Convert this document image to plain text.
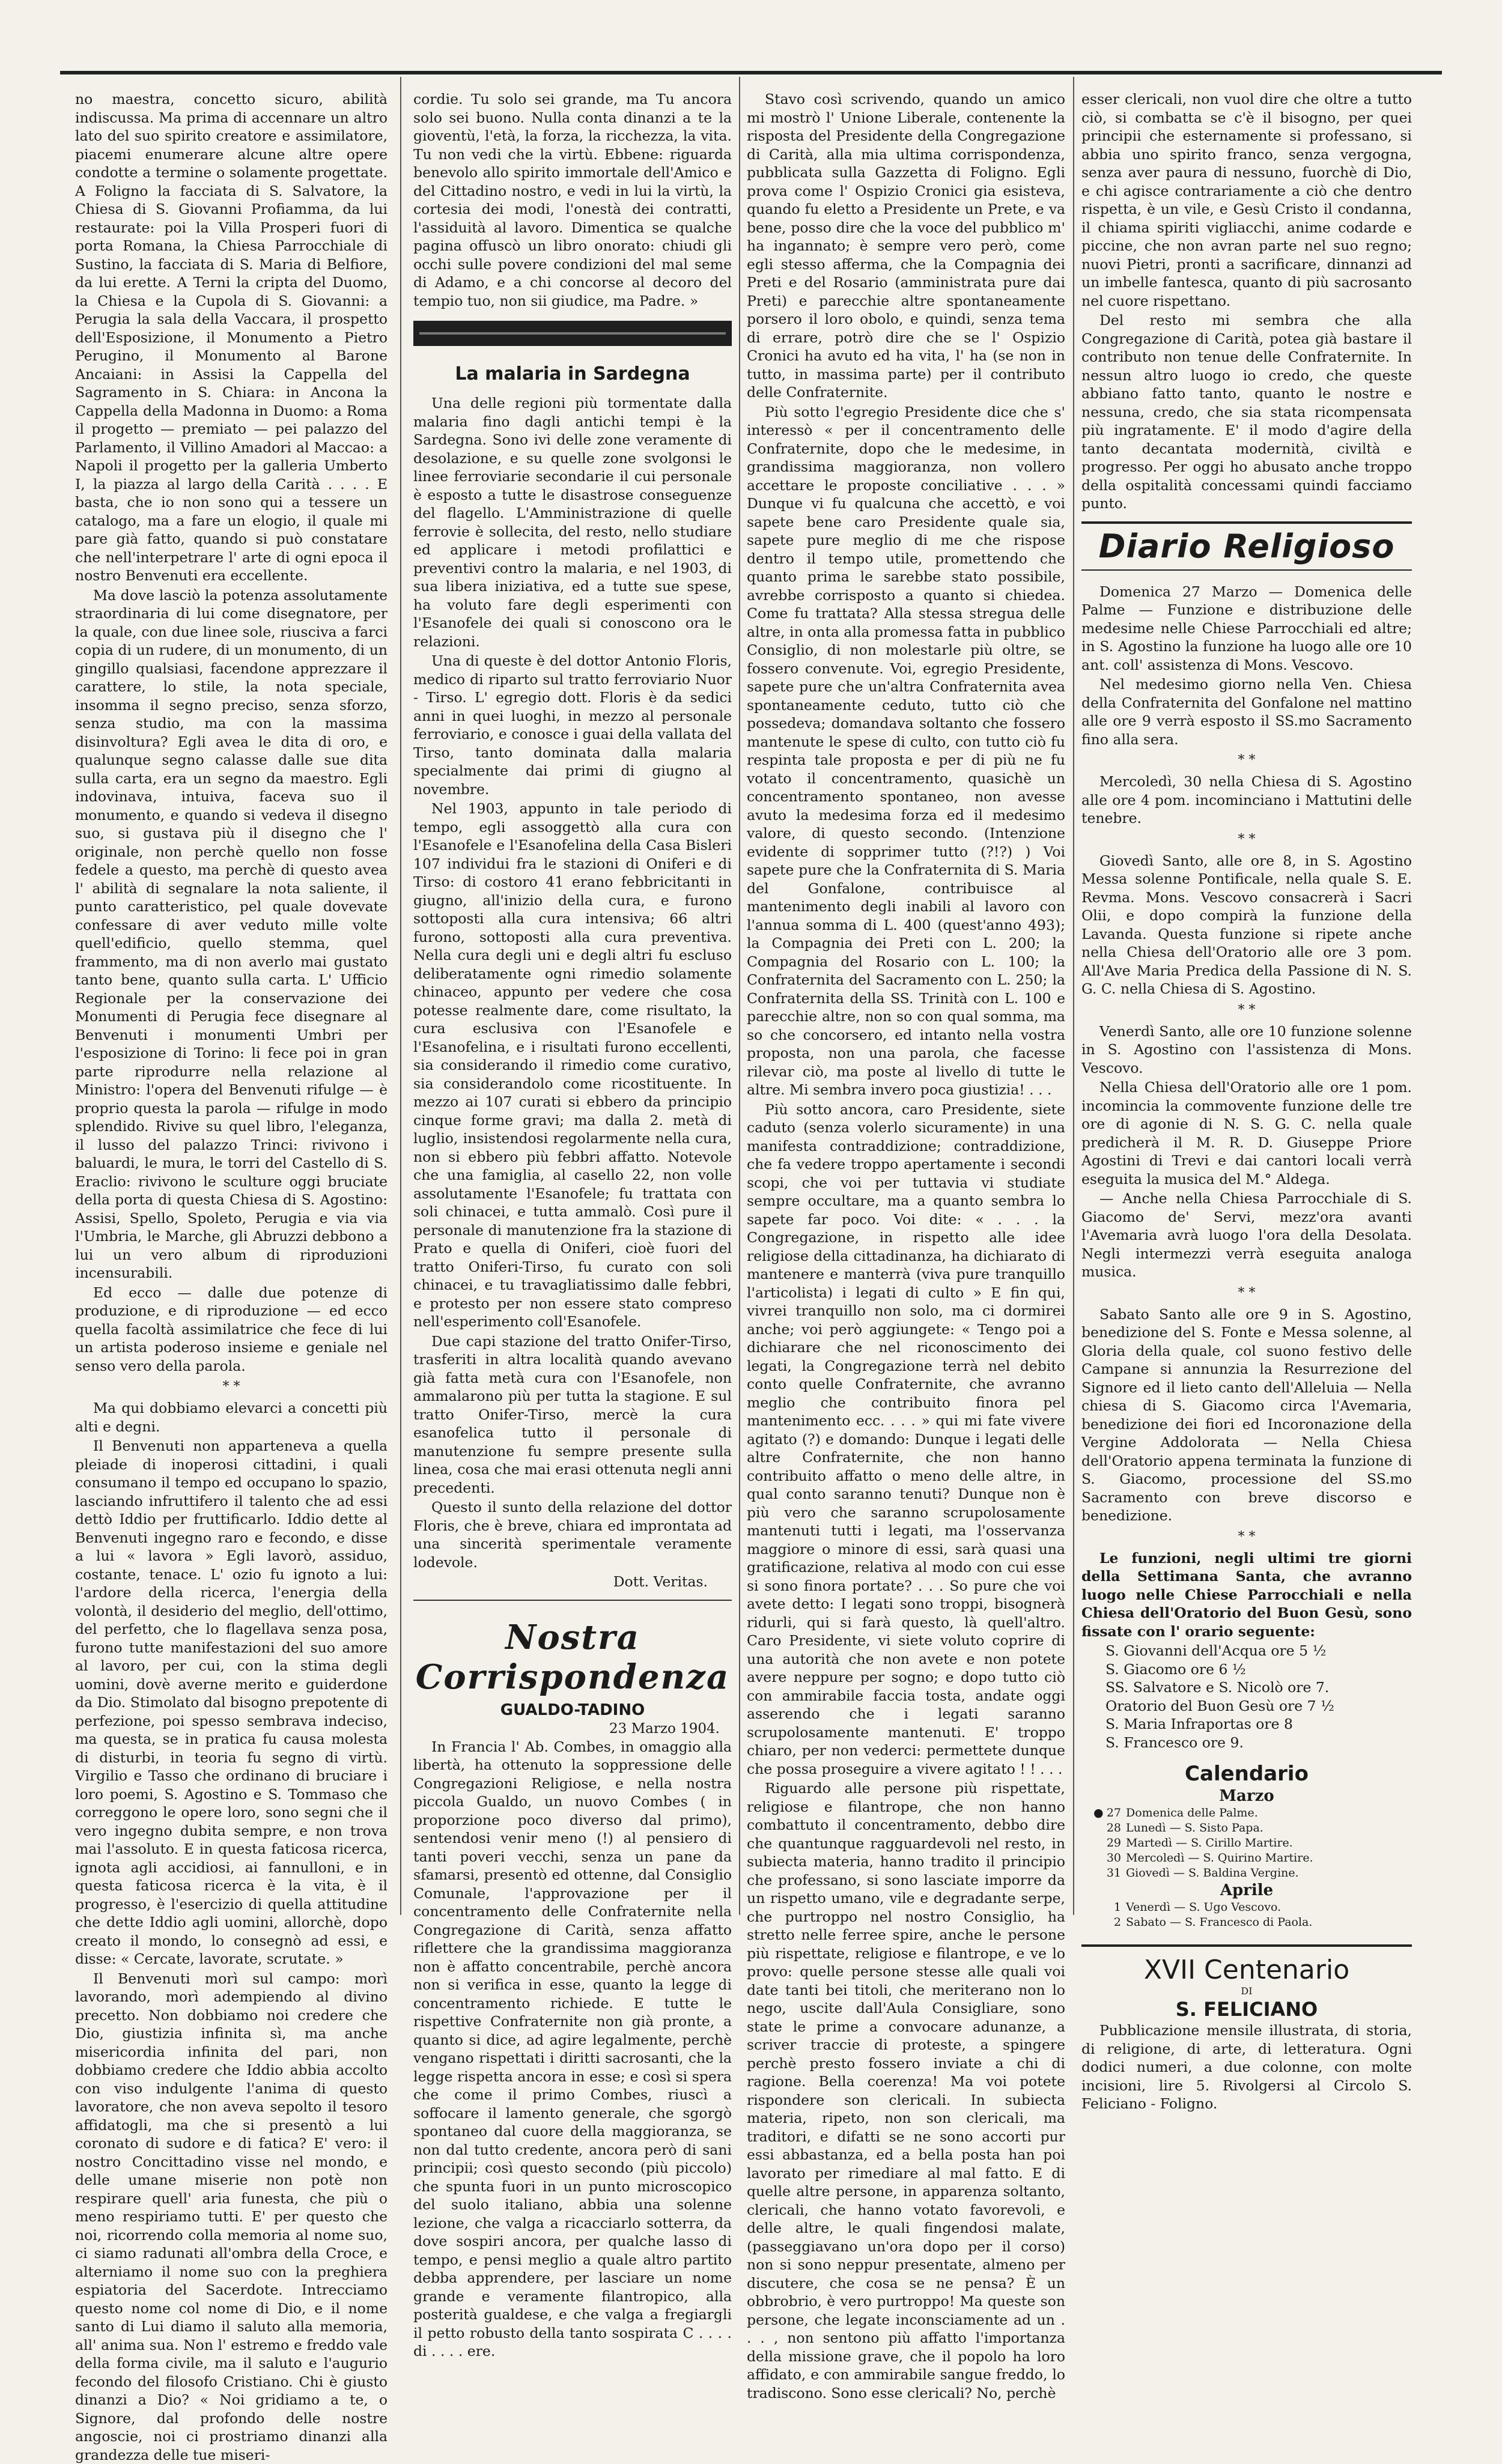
no maestra, concetto sicuro, abilità indiscussa. Ma prima di accennare un altro lato del suo spirito creatore e assimilatore, piacemi enumerare alcune altre opere condotte a termine o solamente progettate. A Foligno la facciata di S. Salvatore, la Chiesa di S. Giovanni Profiamma, da lui restaurate: poi la Villa Prosperi fuori di porta Romana, la Chiesa Parrocchiale di Sustino, la facciata di S. Maria di Belfiore, da lui erette. A Terni la cripta del Duomo, la Chiesa e la Cupola di S. Giovanni: a Perugia la sala della Vaccara, il prospetto dell'Esposizione, il Monumento a Pietro Perugino, il Monumento al Barone Ancaiani: in Assisi la Cappella del Sagramento in S. Chiara: in Ancona la Cappella della Madonna in Duomo: a Roma il progetto — premiato — pei palazzo del Parlamento, il Villino Amadori al Maccao: a Napoli il progetto per la galleria Umberto I, la piazza al largo della Carità . . . . E basta, che io non sono qui a tessere un catalogo, ma a fare un elogio, il quale mi pare già fatto, quando si può constatare che nell'interpetrare l' arte di ogni epoca il nostro Benvenuti era eccellente.

Ma dove lasciò la potenza assolutamente straordinaria di lui come disegnatore, per la quale, con due linee sole, riusciva a farci copia di un rudere, di un monumento, di un gingillo qualsiasi, facendone apprezzare il carattere, lo stile, la nota speciale, insomma il segno preciso, senza sforzo, senza studio, ma con la massima disinvoltura? Egli avea le dita di oro, e qualunque segno calasse dalle sue dita sulla carta, era un segno da maestro. Egli indovinava, intuiva, faceva suo il monumento, e quando si vedeva il disegno suo, si gustava più il disegno che l' originale, non perchè quello non fosse fedele a questo, ma perchè di questo avea l' abilità di segnalare la nota saliente, il punto caratteristico, pel quale dovevate confessare di aver veduto mille volte quell'edificio, quello stemma, quel frammento, ma di non averlo mai gustato tanto bene, quanto sulla carta. L' Ufficio Regionale per la conservazione dei Monumenti di Perugia fece disegnare al Benvenuti i monumenti Umbri per l'esposizione di Torino: li fece poi in gran parte riprodurre nella relazione al Ministro: l'opera del Benvenuti rifulge — è proprio questa la parola — rifulge in modo splendido. Rivive su quel libro, l'eleganza, il lusso del palazzo Trinci: rivivono i baluardi, le mura, le torri del Castello di S. Eraclio: rivivono le sculture oggi bruciate della porta di questa Chiesa di S. Agostino: Assisi, Spello, Spoleto, Perugia e via via l'Umbria, le Marche, gli Abruzzi debbono a lui un vero album di riproduzioni incensurabili.

Ed ecco — dalle due potenze di produzione, e di riproduzione — ed ecco quella facoltà assimilatrice che fece di lui un artista poderoso insieme e geniale nel senso vero della parola.

* *

Ma qui dobbiamo elevarci a concetti più alti e degni.

Il Benvenuti non apparteneva a quella pleiade di inoperosi cittadini, i quali consumano il tempo ed occupano lo spazio, lasciando infruttifero il talento che ad essi dettò Iddio per fruttificarlo. Iddio dette al Benvenuti ingegno raro e fecondo, e disse a lui « lavora » Egli lavorò, assiduo, costante, tenace. L' ozio fu ignoto a lui: l'ardore della ricerca, l'energia della volontà, il desiderio del meglio, dell'ottimo, del perfetto, che lo flagellava senza posa, furono tutte manifestazioni del suo amore al lavoro, per cui, con la stima degli uomini, dovè averne merito e guiderdone da Dio. Stimolato dal bisogno prepotente di perfezione, poi spesso sembrava indeciso, ma questa, se in pratica fu causa molesta di disturbi, in teoria fu segno di virtù. Virgilio e Tasso che ordinano di bruciare i loro poemi, S. Agostino e S. Tommaso che correggono le opere loro, sono segni che il vero ingegno dubita sempre, e non trova mai l'assoluto. E in questa faticosa ricerca, ignota agli accidiosi, ai fannulloni, e in questa faticosa ricerca è la vita, è il progresso, è l'esercizio di quella attitudine che dette Iddio agli uomini, allorchè, dopo creato il mondo, lo consegnò ad essi, e disse: « Cercate, lavorate, scrutate. »

Il Benvenuti morì sul campo: morì lavorando, morì adempiendo al divino precetto. Non dobbiamo noi credere che Dio, giustizia infinita sì, ma anche misericordia infinita del pari, non dobbiamo credere che Iddio abbia accolto con viso indulgente l'anima di questo lavoratore, che non aveva sepolto il tesoro affidatogli, ma che si presentò a lui coronato di sudore e di fatica? E' vero: il nostro Concittadino visse nel mondo, e delle umane miserie non potè non respirare quell' aria funesta, che più o meno respiriamo tutti. E' per questo che noi, ricorrendo colla memoria al nome suo, ci siamo radunati all'ombra della Croce, e alterniamo il nome suo con la preghiera espiatoria del Sacerdote. Intrecciamo questo nome col nome di Dio, e il nome santo di Lui diamo il saluto alla memoria, all' anima sua. Non l' estremo e freddo vale della forma civile, ma il saluto e l'augurio fecondo del filosofo Cristiano. Chi è giusto dinanzi a Dio? « Noi gridiamo a te, o Signore, dal profondo delle nostre angoscie, noi ci prostriamo dinanzi alla grandezza delle tue miseri-

cordie. Tu solo sei grande, ma Tu ancora solo sei buono. Nulla conta dinanzi a te la gioventù, l'età, la forza, la ricchezza, la vita. Tu non vedi che la virtù. Ebbene: riguarda benevolo allo spirito immortale dell'Amico e del Cittadino nostro, e vedi in lui la virtù, la cortesia dei modi, l'onestà dei contratti, l'assiduità al lavoro. Dimentica se qualche pagina offuscò un libro onorato: chiudi gli occhi sulle povere condizioni del mal seme di Adamo, e a chi concorse al decoro del tempio tuo, non sii giudice, ma Padre. »

La malaria in Sardegna

Una delle regioni più tormentate dalla malaria fino dagli antichi tempi è la Sardegna. Sono ivi delle zone veramente di desolazione, e su quelle zone svolgonsi le linee ferroviarie secondarie il cui personale è esposto a tutte le disastrose conseguenze del flagello. L'Amministrazione di quelle ferrovie è sollecita, del resto, nello studiare ed applicare i metodi profilattici e preventivi contro la malaria, e nel 1903, di sua libera iniziativa, ed a tutte sue spese, ha voluto fare degli esperimenti con l'Esanofele dei quali si conoscono ora le relazioni.

Una di queste è del dottor Antonio Floris, medico di riparto sul tratto ferroviario Nuor - Tirso. L' egregio dott. Floris è da sedici anni in quei luoghi, in mezzo al personale ferroviario, e conosce i guai della vallata del Tirso, tanto dominata dalla malaria specialmente dai primi di giugno al novembre.

Nel 1903, appunto in tale periodo di tempo, egli assoggettò alla cura con l'Esanofele e l'Esanofelina della Casa Bisleri 107 individui fra le stazioni di Oniferi e di Tirso: di costoro 41 erano febbricitanti in giugno, all'inizio della cura, e furono sottoposti alla cura intensiva; 66 altri furono, sottoposti alla cura preventiva. Nella cura degli uni e degli altri fu escluso deliberatamente ogni rimedio solamente chinaceo, appunto per vedere che cosa potesse realmente dare, come risultato, la cura esclusiva con l'Esanofele e l'Esanofelina, e i risultati furono eccellenti, sia considerando il rimedio come curativo, sia considerandolo come ricostituente. In mezzo ai 107 curati si ebbero da principio cinque forme gravi; ma dalla 2. metà di luglio, insistendosi regolarmente nella cura, non si ebbero più febbri affatto. Notevole che una famiglia, al casello 22, non volle assolutamente l'Esanofele; fu trattata con soli chinacei, e tutta ammalò. Così pure il personale di manutenzione fra la stazione di Prato e quella di Oniferi, cioè fuori del tratto Oniferi-Tirso, fu curato con soli chinacei, e tu travagliatissimo dalle febbri, e protesto per non essere stato compreso nell'esperimento coll'Esanofele.

Due capi stazione del tratto Onifer-Tirso, trasferiti in altra località quando avevano già fatta metà cura con l'Esanofele, non ammalarono più per tutta la stagione. E sul tratto Onifer-Tirso, mercè la cura esanofelica tutto il personale di manutenzione fu sempre presente sulla linea, cosa che mai erasi ottenuta negli anni precedenti.

Questo il sunto della relazione del dottor Floris, che è breve, chiara ed improntata ad una sincerità sperimentale veramente lodevole.

Dott. Veritas.
Nostra Corrispondenza
GUALDO-TADINO
23 Marzo 1904.

In Francia l' Ab. Combes, in omaggio alla libertà, ha ottenuto la soppressione delle Congregazioni Religiose, e nella nostra piccola Gualdo, un nuovo Combes ( in proporzione poco diverso dal primo), sentendosi venir meno (!) al pensiero di tanti poveri vecchi, senza un pane da sfamarsi, presentò ed ottenne, dal Consiglio Comunale, l'approvazione per il concentramento delle Confraternite nella Congregazione di Carità, senza affatto riflettere che la grandissima maggioranza non è affatto concentrabile, perchè ancora non si verifica in esse, quanto la legge di concentramento richiede. E tutte le rispettive Confraternite non già pronte, a quanto si dice, ad agire legalmente, perchè vengano rispettati i diritti sacrosanti, che la legge rispetta ancora in esse; e così si spera che come il primo Combes, riuscì a soffocare il lamento generale, che sgorgò spontaneo dal cuore della maggioranza, se non dal tutto credente, ancora però di sani principii; così questo secondo (più piccolo) che spunta fuori in un punto microscopico del suolo italiano, abbia una solenne lezione, che valga a ricacciarlo sotterra, da dove sospiri ancora, per qualche lasso di tempo, e pensi meglio a quale altro partito debba apprendere, per lasciare un nome grande e veramente filantropico, alla posterità gualdese, e che valga a fregiargli il petto robusto della tanto sospirata C . . . . di . . . . ere.

Stavo così scrivendo, quando un amico mi mostrò l' Unione Liberale, contenente la risposta del Presidente della Congregazione di Carità, alla mia ultima corrispondenza, pubblicata sulla Gazzetta di Foligno. Egli prova come l' Ospizio Cronici gia esisteva, quando fu eletto a Presidente un Prete, e va bene, posso dire che la voce del pubblico m' ha ingannato; è sempre vero però, come egli stesso afferma, che la Compagnia dei Preti e del Rosario (amministrata pure dai Preti) e parecchie altre spontaneamente porsero il loro obolo, e quindi, senza tema di errare, potrò dire che se l' Ospizio Cronici ha avuto ed ha vita, l' ha (se non in tutto, in massima parte) per il contributo delle Confraternite.

Più sotto l'egregio Presidente dice che s' interessò « per il concentramento delle Confraternite, dopo che le medesime, in grandissima maggioranza, non vollero accettare le proposte conciliative . . . » Dunque vi fu qualcuna che accettò, e voi sapete bene caro Presidente quale sia, sapete pure meglio di me che rispose dentro il tempo utile, promettendo che quanto prima le sarebbe stato possibile, avrebbe corrisposto a quanto si chiedea. Come fu trattata? Alla stessa stregua delle altre, in onta alla promessa fatta in pubblico Consiglio, di non molestarle più oltre, se fossero convenute. Voi, egregio Presidente, sapete pure che un'altra Confraternita avea spontaneamente ceduto, tutto ciò che possedeva; domandava soltanto che fossero mantenute le spese di culto, con tutto ciò fu respinta tale proposta e per di più ne fu votato il concentramento, quasichè un concentramento spontaneo, non avesse avuto la medesima forza ed il medesimo valore, di questo secondo. (Intenzione evidente di sopprimer tutto (?!?) ) Voi sapete pure che la Confraternita di S. Maria del Gonfalone, contribuisce al mantenimento degli inabili al lavoro con l'annua somma di L. 400 (quest'anno 493); la Compagnia dei Preti con L. 200; la Compagnia del Rosario con L. 100; la Confraternita del Sacramento con L. 250; la Confraternita della SS. Trinità con L. 100 e parecchie altre, non so con qual somma, ma so che concorsero, ed intanto nella vostra proposta, non una parola, che facesse rilevar ciò, ma poste al livello di tutte le altre. Mi sembra invero poca giustizia! . . .

Più sotto ancora, caro Presidente, siete caduto (senza volerlo sicuramente) in una manifesta contraddizione; contraddizione, che fa vedere troppo apertamente i secondi scopi, che voi per tuttavia vi studiate sempre occultare, ma a quanto sembra lo sapete far poco. Voi dite: « . . . la Congregazione, in rispetto alle idee religiose della cittadinanza, ha dichiarato di mantenere e manterrà (viva pure tranquillo l'articolista) i legati di culto » E fin qui, vivrei tranquillo non solo, ma ci dormirei anche; voi però aggiungete: « Tengo poi a dichiarare che nel riconoscimento dei legati, la Congregazione terrà nel debito conto quelle Confraternite, che avranno meglio che contribuito finora pel mantenimento ecc. . . . » qui mi fate vivere agitato (?) e domando: Dunque i legati delle altre Confraternite, che non hanno contribuito affatto o meno delle altre, in qual conto saranno tenuti? Dunque non è più vero che saranno scrupolosamente mantenuti tutti i legati, ma l'osservanza maggiore o minore di essi, sarà quasi una gratificazione, relativa al modo con cui esse si sono finora portate? . . . So pure che voi avete detto: I legati sono troppi, bisognerà ridurli, qui si farà questo, là quell'altro. Caro Presidente, vi siete voluto coprire di una autorità che non avete e non potete avere neppure per sogno; e dopo tutto ciò con ammirabile faccia tosta, andate oggi asserendo che i legati saranno scrupolosamente mantenuti. E' troppo chiaro, per non vederci: permettete dunque che possa proseguire a vivere agitato ! ! . . .

Riguardo alle persone più rispettate, religiose e filantrope, che non hanno combattuto il concentramento, debbo dire che quantunque ragguardevoli nel resto, in subiecta materia, hanno tradito il principio che professano, si sono lasciate imporre da un rispetto umano, vile e degradante serpe, che purtroppo nel nostro Consiglio, ha stretto nelle ferree spire, anche le persone più rispettate, religiose e filantrope, e ve lo provo: quelle persone stesse alle quali voi date tanti bei titoli, che meriterano non lo nego, uscite dall'Aula Consigliare, sono state le prime a convocare adunanze, a scriver traccie di proteste, a spingere perchè presto fossero inviate a chi di ragione. Bella coerenza! Ma voi potete rispondere son clericali. In subiecta materia, ripeto, non son clericali, ma traditori, e difatti se ne sono accorti pur essi abbastanza, ed a bella posta han poi lavorato per rimediare al mal fatto. E di quelle altre persone, in apparenza soltanto, clericali, che hanno votato favorevoli, e delle altre, le quali fingendosi malate, (passeggiavano un'ora dopo per il corso) non si sono neppur presentate, almeno per discutere, che cosa se ne pensa? È un obbrobrio, è vero purtroppo! Ma queste son persone, che legate inconsciamente ad un . . . , non sentono più affatto l'importanza della missione grave, che il popolo ha loro affidato, e con ammirabile sangue freddo, lo tradiscono. Sono esse clericali? No, perchè

esser clericali, non vuol dire che oltre a tutto ciò, si combatta se c'è il bisogno, per quei principii che esternamente si professano, si abbia uno spirito franco, senza vergogna, senza aver paura di nessuno, fuorchè di Dio, e chi agisce contrariamente a ciò che dentro rispetta, è un vile, e Gesù Cristo il condanna, il chiama spiriti vigliacchi, anime codarde e piccine, che non avran parte nel suo regno; nuovi Pietri, pronti a sacrificare, dinnanzi ad un imbelle fantesca, quanto di più sacrosanto nel cuore rispettano.

Del resto mi sembra che alla Congregazione di Carità, potea già bastare il contributo non tenue delle Confraternite. In nessun altro luogo io credo, che queste abbiano fatto tanto, quanto le nostre e nessuna, credo, che sia stata ricompensata più ingratamente. E' il modo d'agire della tanto decantata modernità, civiltà e progresso. Per oggi ho abusato anche troppo della ospitalità concessami quindi facciamo punto.

Diario Religioso

Domenica 27 Marzo — Domenica delle Palme — Funzione e distribuzione delle medesime nelle Chiese Parrocchiali ed altre; in S. Agostino la funzione ha luogo alle ore 10 ant. coll' assistenza di Mons. Vescovo.

Nel medesimo giorno nella Ven. Chiesa della Confraternita del Gonfalone nel mattino alle ore 9 verrà esposto il SS.mo Sacramento fino alla sera.

* *

Mercoledì, 30 nella Chiesa di S. Agostino alle ore 4 pom. incominciano i Mattutini delle tenebre.

* *

Giovedì Santo, alle ore 8, in S. Agostino Messa solenne Pontificale, nella quale S. E. Revma. Mons. Vescovo consacrerà i Sacri Olii, e dopo compirà la funzione della Lavanda. Questa funzione si ripete anche nella Chiesa dell'Oratorio alle ore 3 pom. All'Ave Maria Predica della Passione di N. S. G. C. nella Chiesa di S. Agostino.

* *

Venerdì Santo, alle ore 10 funzione solenne in S. Agostino con l'assistenza di Mons. Vescovo.

Nella Chiesa dell'Oratorio alle ore 1 pom. incomincia la commovente funzione delle tre ore di agonie di N. S. G. C. nella quale predicherà il M. R. D. Giuseppe Priore Agostini di Trevi e dai cantori locali verrà eseguita la musica del M.° Aldega.

— Anche nella Chiesa Parrocchiale di S. Giacomo de' Servi, mezz'ora avanti l'Avemaria avrà luogo l'ora della Desolata. Negli intermezzi verrà eseguita analoga musica.

* *

Sabato Santo alle ore 9 in S. Agostino, benedizione del S. Fonte e Messa solenne, al Gloria della quale, col suono festivo delle Campane si annunzia la Resurrezione del Signore ed il lieto canto dell'Alleluia — Nella chiesa di S. Giacomo circa l'Avemaria, benedizione dei fiori ed Incoronazione della Vergine Addolorata — Nella Chiesa dell'Oratorio appena terminata la funzione di S. Giacomo, processione del SS.mo Sacramento con breve discorso e benedizione.

* *

Le funzioni, negli ultimi tre giorni della Settimana Santa, che avranno luogo nelle Chiese Parrocchiali e nella Chiesa dell'Oratorio del Buon Gesù, sono fissate con l' orario seguente:

S. Giovanni dell'Acqua ore 5 ½
S. Giacomo ore 6 ½
SS. Salvatore e S. Nicolò ore 7.
Oratorio del Buon Gesù ore 7 ½
S. Maria Infraportas ore 8
S. Francesco ore 9.
Calendario
Marzo
● 27 Domenica delle Palme.
28 Lunedì — S. Sisto Papa.
29 Martedì — S. Cirillo Martire.
30 Mercoledì — S. Quirino Martire.
31 Giovedì — S. Baldina Vergine.
Aprile
1 Venerdì — S. Ugo Vescovo.
2 Sabato — S. Francesco di Paola.
XVII Centenario
DI
S. FELICIANO

Pubblicazione mensile illustrata, di storia, di religione, di arte, di letteratura. Ogni dodici numeri, a due colonne, con molte incisioni, lire 5. Rivolgersi al Circolo S. Feliciano - Foligno.
